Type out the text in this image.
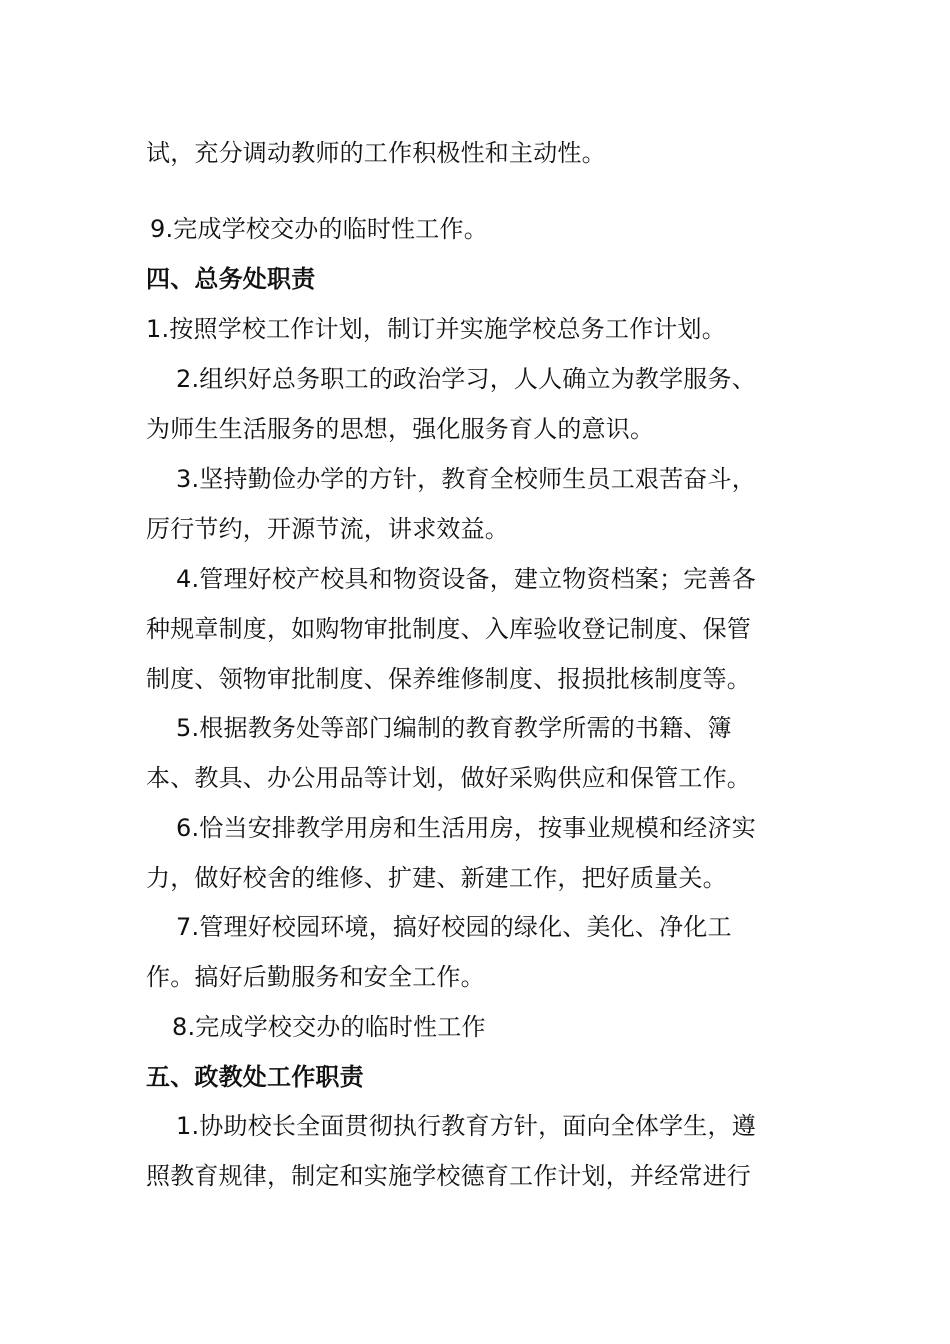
试，充分调动教师的工作积极性和主动性。
9.完成学校交办的临时性工作。
四、总务处职责
1.按照学校工作计划，制订并实施学校总务工作计划。
2.组织好总务职工的政治学习，人人确立为教学服务、
为师生生活服务的思想，强化服务育人的意识。
3.坚持勤俭办学的方针，教育全校师生员工艰苦奋斗，
厉行节约，开源节流，讲求效益。
4.管理好校产校具和物资设备，建立物资档案；完善各
种规章制度，如购物审批制度、入库验收登记制度、保管
制度、领物审批制度、保养维修制度、报损批核制度等。
5.根据教务处等部门编制的教育教学所需的书籍、簿
本、教具、办公用品等计划，做好采购供应和保管工作。
6.恰当安排教学用房和生活用房，按事业规模和经济实
力，做好校舍的维修、扩建、新建工作，把好质量关。
7.管理好校园环境，搞好校园的绿化、美化、净化工
作。搞好后勤服务和安全工作。
8.完成学校交办的临时性工作
五、政教处工作职责
1.协助校长全面贯彻执行教育方针，面向全体学生，遵
照教育规律，制定和实施学校德育工作计划，并经常进行
